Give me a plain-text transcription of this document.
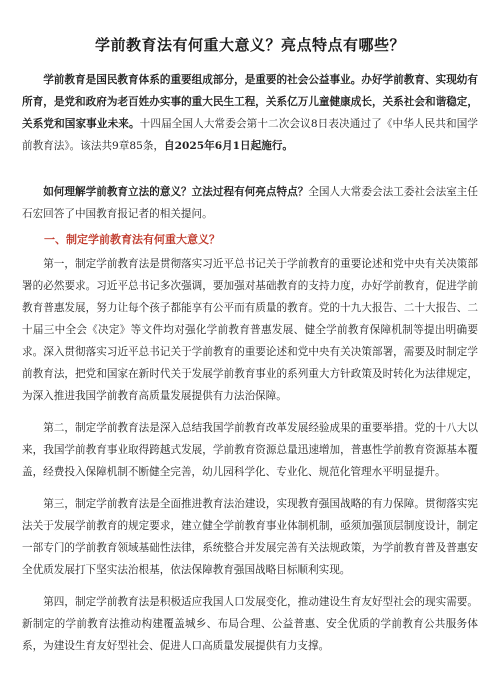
学前教育法有何重大意义？亮点特点有哪些？

学前教育是国民教育体系的重要组成部分，是重要的社会公益事业。办好学前教育、实现幼有所育，是党和政府为老百姓办实事的重大民生工程，关系亿万儿童健康成长，关系社会和谐稳定，关系党和国家事业未来。十四届全国人大常委会第十二次会议8日表决通过了《中华人民共和国学前教育法》。该法共9章85条，自2025年6月1日起施行。

如何理解学前教育立法的意义？立法过程有何亮点特点？全国人大常委会法工委社会法室主任石宏回答了中国教育报记者的相关提问。

一、制定学前教育法有何重大意义？

第一，制定学前教育法是贯彻落实习近平总书记关于学前教育的重要论述和党中央有关决策部署的必然要求。习近平总书记多次强调，要加强对基础教育的支持力度，办好学前教育，促进学前教育普惠发展，努力让每个孩子都能享有公平而有质量的教育。党的十九大报告、二十大报告、二十届三中全会《决定》等文件均对强化学前教育普惠发展、健全学前教育保障机制等提出明确要求。深入贯彻落实习近平总书记关于学前教育的重要论述和党中央有关决策部署，需要及时制定学前教育法，把党和国家在新时代关于发展学前教育事业的系列重大方针政策及时转化为法律规定，为深入推进我国学前教育高质量发展提供有力法治保障。

第二，制定学前教育法是深入总结我国学前教育改革发展经验成果的重要举措。党的十八大以来，我国学前教育事业取得跨越式发展，学前教育资源总量迅速增加，普惠性学前教育资源基本覆盖，经费投入保障机制不断健全完善，幼儿园科学化、专业化、规范化管理水平明显提升。

第三，制定学前教育法是全面推进教育法治建设，实现教育强国战略的有力保障。贯彻落实宪法关于发展学前教育的规定要求，建立健全学前教育事业体制机制，亟须加强顶层制度设计，制定一部专门的学前教育领域基础性法律，系统整合并发展完善有关法规政策，为学前教育普及普惠安全优质发展打下坚实法治根基，依法保障教育强国战略目标顺利实现。

第四，制定学前教育法是积极适应我国人口发展变化，推动建设生育友好型社会的现实需要。新制定的学前教育法推动构建覆盖城乡、布局合理、公益普惠、安全优质的学前教育公共服务体系，为建设生育友好型社会、促进人口高质量发展提供有力支撑。
